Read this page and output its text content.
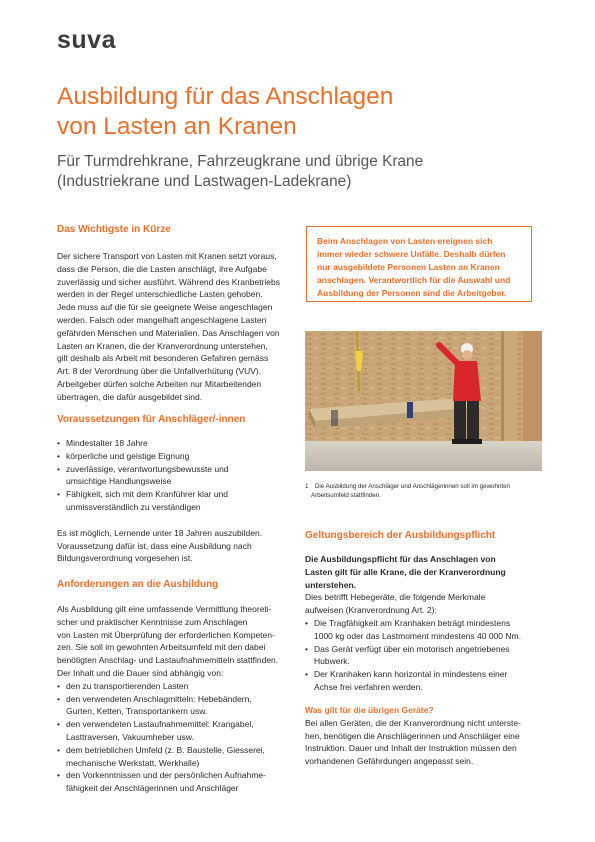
suva
Ausbildung für das Anschlagen
von Lasten an Kranen
Für Turmdrehkrane, Fahrzeugkrane und übrige Krane
(Industriekrane und Lastwagen-Ladekrane)
Das Wichtigste in Kürze
Der sichere Transport von Lasten mit Kranen setzt voraus,
dass die Person, die die Lasten anschlägt, ihre Aufgabe
zuverlässig und sicher ausführt. Während des Kranbetriebs
werden in der Regel unterschiedliche Lasten gehoben.
Jede muss auf die für sie geeignete Weise angeschlagen
werden. Falsch oder mangelhaft angeschlagene Lasten
gefährden Menschen und Materialien. Das Anschlagen von
Lasten an Kranen, die der Kranverordnung unterstehen,
gilt deshalb als Arbeit mit besonderen Gefahren gemäss
Art. 8 der Verordnung über die Unfallverhütung (VUV).
Arbeitgeber dürfen solche Arbeiten nur Mitarbeitenden
übertragen, die dafür ausgebildet sind.
Voraussetzungen für Anschläger/-innen
• Mindestalter 18 Jahre
• körperliche und geistige Eignung
• zuverlässige, verantwortungsbewusste und
umsichtige Handlungsweise
• Fähigkeit, sich mit dem Kranführer klar und
unmissverständlich zu verständigen
Es ist möglich, Lernende unter 18 Jahren auszubilden.
Voraussetzung dafür ist, dass eine Ausbildung nach
Bildungsverordnung vorgesehen ist.
Anforderungen an die Ausbildung
Als Ausbildung gilt eine umfassende Vermittlung theoreti-
scher und praktischer Kenntnisse zum Anschlagen
von Lasten mit Überprüfung der erforderlichen Kompeten-
zen. Sie soll im gewohnten Arbeitsumfeld mit den dabei
benötigten Anschlag- und Lastaufnahmemitteln stattfinden.
Der Inhalt und die Dauer sind abhängig von:
• den zu transportierenden Lasten
• den verwendeten Anschlagmitteln: Hebebändern,
Gurten, Ketten, Transportankern usw.
• den verwendeten Lastaufnahmemittel: Krangabel,
Lasttraversen, Vakuumheber usw.
• dem betrieblichen Umfeld (z. B. Baustelle, Giesserei,
mechanische Werkstatt, Werkhalle)
• den Vorkenntnissen und der persönlichen Aufnahme-
fähigkeit der Anschlägerinnen und Anschläger
Beim Anschlagen von Lasten ereignen sich
immer wieder schwere Unfälle. Deshalb dürfen
nur ausgebildete Personen Lasten an Kranen
anschlagen. Verantwortlich für die Auswahl und
Ausbildung der Personen sind die Arbeitgeber.
1 Die Ausbildung der Anschläger und Anschlägerinnen soll im gewohnten
Arbeitsumfeld stattfinden.
Geltungsbereich der Ausbildungspflicht
Die Ausbildungspflicht für das Anschlagen von
Lasten gilt für alle Krane, die der Kranverordnung
unterstehen.
Dies betrifft Hebegeräte, die folgende Merkmale
aufweisen (Kranverordnung Art. 2):
• Die Tragfähigkeit am Kranhaken beträgt mindestens
1000 kg oder das Lastmoment mindestens 40 000 Nm.
• Das Gerät verfügt über ein motorisch angetriebenes
Hubwerk.
• Der Kranhaken kann horizontal in mindestens einer
Achse frei verfahren werden.
Was gilt für die übrigen Geräte?
Bei allen Geräten, die der Kranverordnung nicht unterste-
hen, benötigen die Anschlägerinnen und Anschläger eine
Instruktion. Dauer und Inhalt der Instruktion müssen den
vorhandenen Gefährdungen angepasst sein.
